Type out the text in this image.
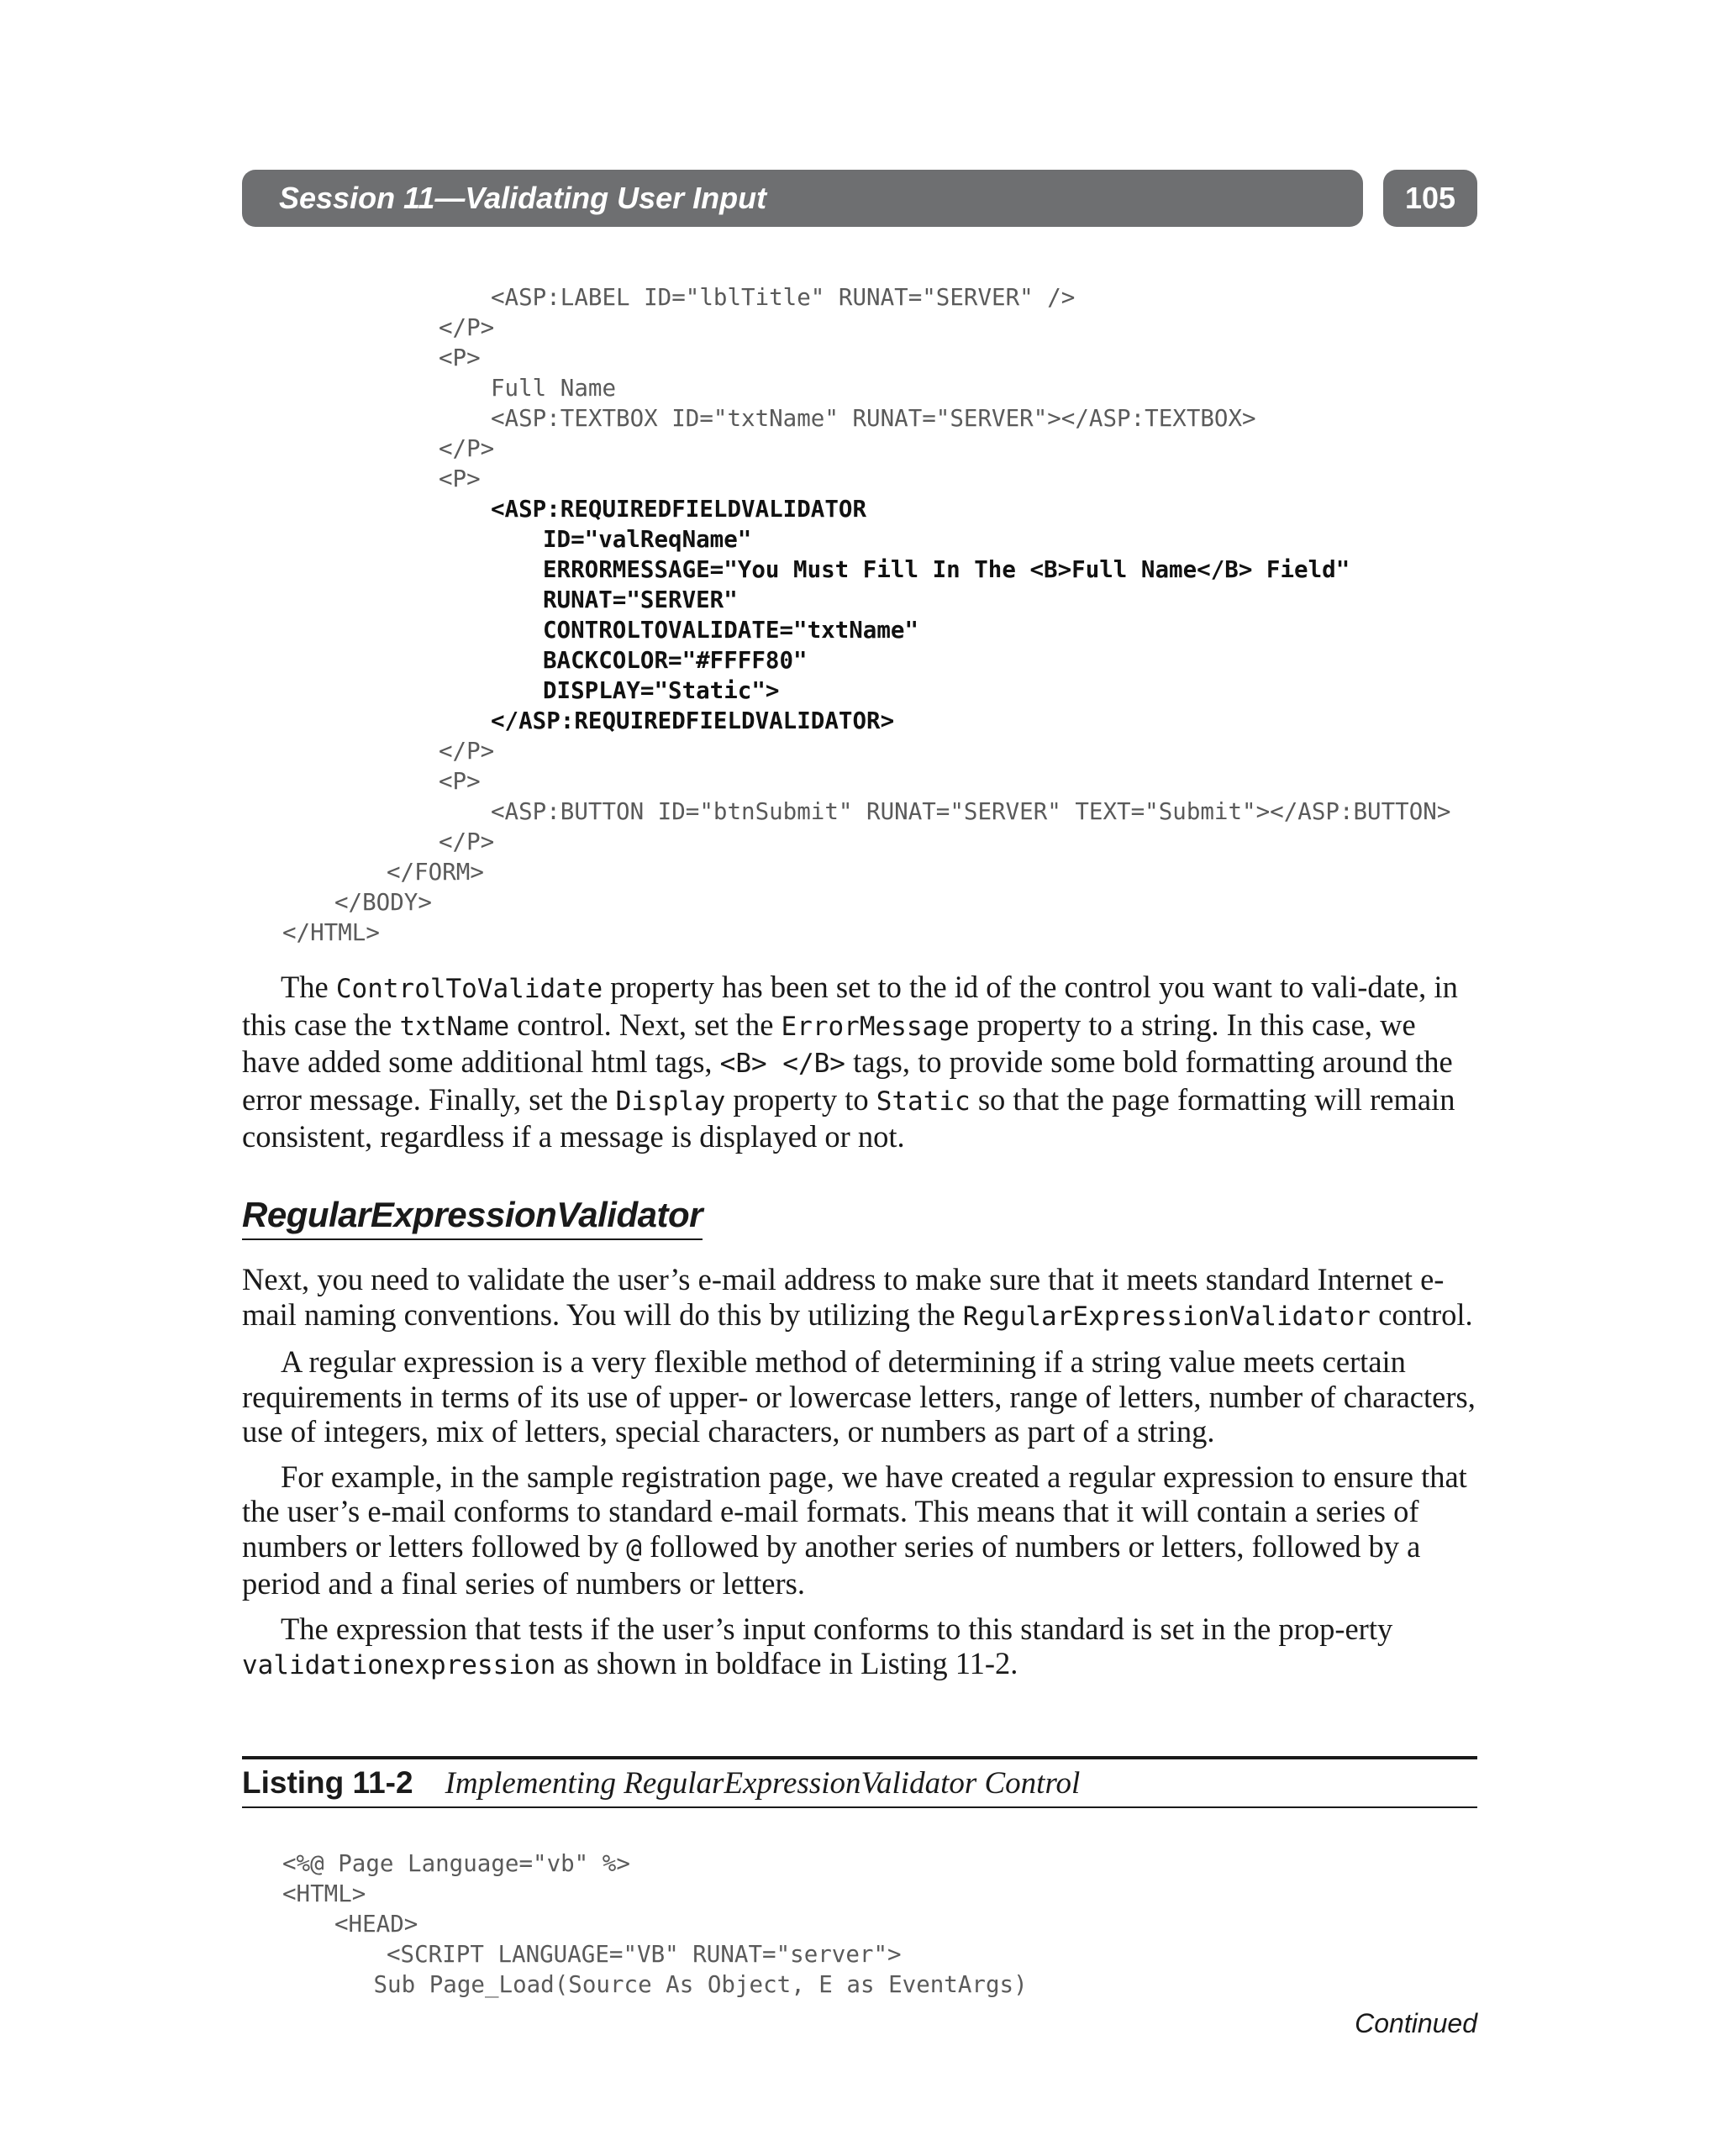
Session 11—Validating User Input	105
<ASP:LABEL ID="lblTitle" RUNAT="SERVER" />
</P>
<P>
Full Name
<ASP:TEXTBOX ID="txtName" RUNAT="SERVER"></ASP:TEXTBOX>
</P>
<P>
<ASP:REQUIREDFIELDVALIDATOR
ID="valReqName"
ERRORMESSAGE="You Must Fill In The <B>Full Name</B> Field"
RUNAT="SERVER"
CONTROLTOVALIDATE="txtName"
BACKCOLOR="#FFFF80"
DISPLAY="Static">
</ASP:REQUIREDFIELDVALIDATOR>
</P>
<P>
<ASP:BUTTON ID="btnSubmit" RUNAT="SERVER" TEXT="Submit"></ASP:BUTTON>
</P>
</FORM>
</BODY>
</HTML>

The ControlToValidate property has been set to the id of the control you want to vali-date, in this case the txtName control. Next, set the ErrorMessage property to a string. In this case, we have added some additional html tags, <B> </B> tags, to provide some bold formatting around the error message. Finally, set the Display property to Static so that the page formatting will remain consistent, regardless if a message is displayed or not.

RegularExpressionValidator

Next, you need to validate the user’s e-mail address to make sure that it meets standard Internet e-mail naming conventions. You will do this by utilizing the RegularExpressionValidator control.

A regular expression is a very flexible method of determining if a string value meets certain requirements in terms of its use of upper- or lowercase letters, range of letters, number of characters, use of integers, mix of letters, special characters, or numbers as part of a string.

For example, in the sample registration page, we have created a regular expression to ensure that the user’s e-mail conforms to standard e-mail formats. This means that it will contain a series of numbers or letters followed by @ followed by another series of numbers or letters, followed by a period and a final series of numbers or letters.

The expression that tests if the user’s input conforms to this standard is set in the prop-erty validationexpression as shown in boldface in Listing 11-2.

Listing 11-2 Implementing RegularExpressionValidator Control
<%@ Page Language="vb" %>
<HTML>
<HEAD>
<SCRIPT LANGUAGE="VB" RUNAT="server">
Sub Page_Load(Source As Object, E as EventArgs)
Continued
